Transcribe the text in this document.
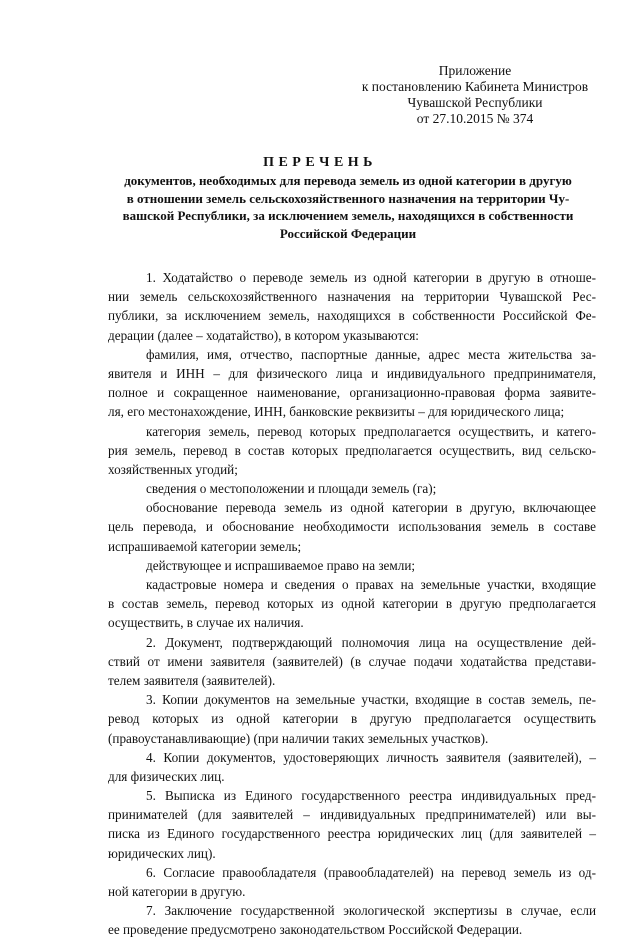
Приложение
к постановлению Кабинета Министров
Чувашской Республики
от 27.10.2015 № 374
ПЕРЕЧЕНЬ
документов, необходимых для перевода земель из одной категории в другую
в отношении земель сельскохозяйственного назначения на территории Чу-
вашской Республики, за исключением земель, находящихся в собственности
Российской Федерации
1. Ходатайство о переводе земель из одной категории в другую в отноше-
нии земель сельскохозяйственного назначения на территории Чувашской Рес-
публики, за исключением земель, находящихся в собственности Российской Фе-
дерации (далее – ходатайство), в котором указываются:
фамилия, имя, отчество, паспортные данные, адрес места жительства за-
явителя и ИНН – для физического лица и индивидуального предпринимателя,
полное и сокращенное наименование, организационно-правовая форма заявите-
ля, его местонахождение, ИНН, банковские реквизиты – для юридического лица;
категория земель, перевод которых предполагается осуществить, и катего-
рия земель, перевод в состав которых предполагается осуществить, вид сельско-
хозяйственных угодий;
сведения о местоположении и площади земель (га);
обоснование перевода земель из одной категории в другую, включающее
цель перевода, и обоснование необходимости использования земель в составе
испрашиваемой категории земель;
действующее и испрашиваемое право на земли;
кадастровые номера и сведения о правах на земельные участки, входящие
в состав земель, перевод которых из одной категории в другую предполагается
осуществить, в случае их наличия.
2. Документ, подтверждающий полномочия лица на осуществление дей-
ствий от имени заявителя (заявителей) (в случае подачи ходатайства представи-
телем заявителя (заявителей).
3. Копии документов на земельные участки, входящие в состав земель, пе-
ревод которых из одной категории в другую предполагается осуществить
(правоустанавливающие) (при наличии таких земельных участков).
4. Копии документов, удостоверяющих личность заявителя (заявителей), –
для физических лиц.
5. Выписка из Единого государственного реестра индивидуальных пред-
принимателей (для заявителей – индивидуальных предпринимателей) или вы-
писка из Единого государственного реестра юридических лиц (для заявителей –
юридических лиц).
6. Согласие правообладателя (правообладателей) на перевод земель из од-
ной категории в другую.
7. Заключение государственной экологической экспертизы в случае, если
ее проведение предусмотрено законодательством Российской Федерации.
